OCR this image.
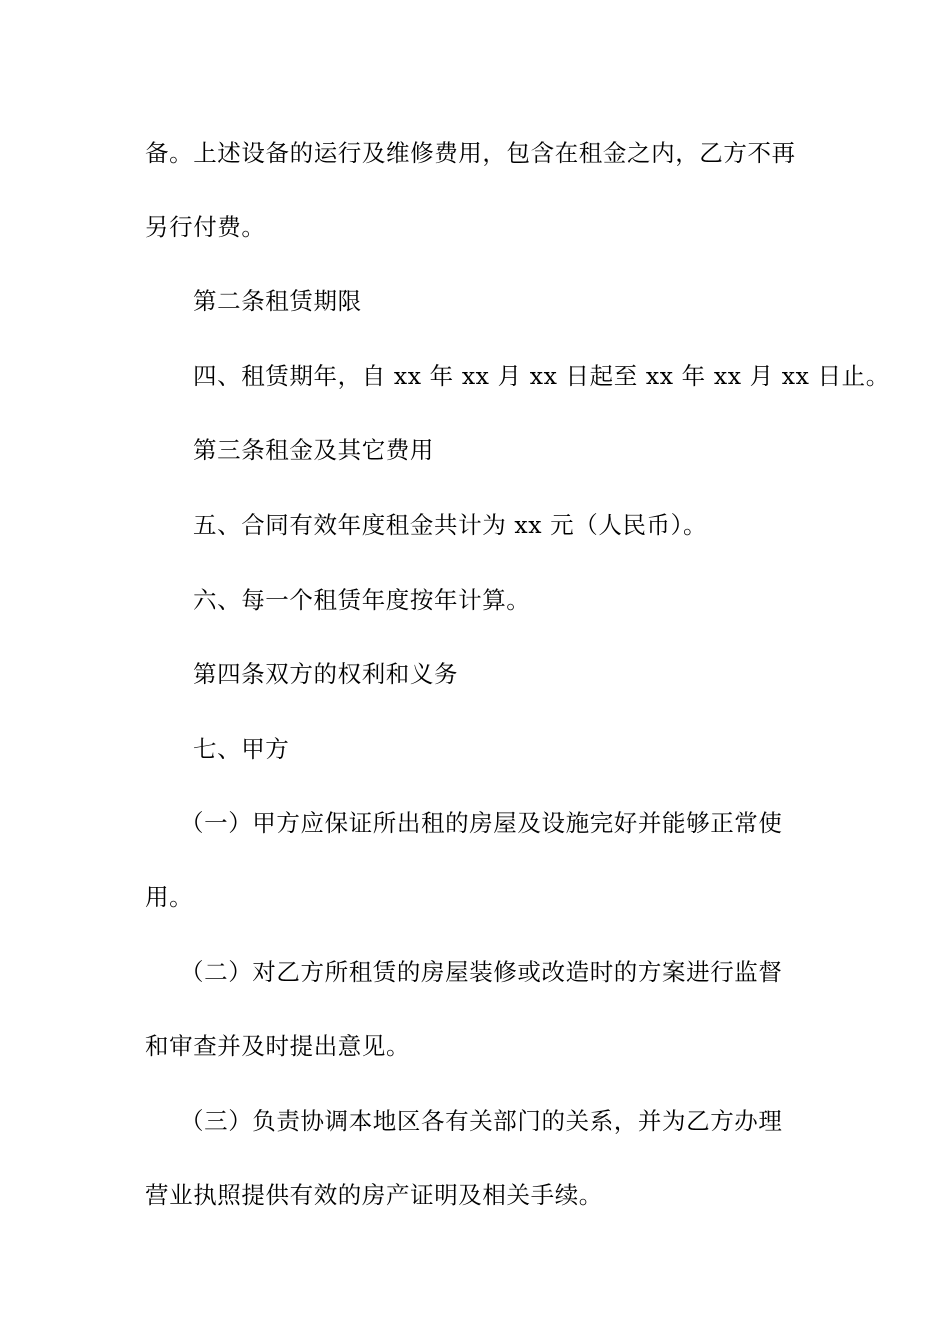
备。上述设备的运行及维修费用，包含在租金之内，乙方不再
另行付费。
第二条租赁期限
四、租赁期年，自 xx 年 xx 月 xx 日起至 xx 年 xx 月 xx 日止。
第三条租金及其它费用
五、合同有效年度租金共计为 xx 元（人民币）。
六、每一个租赁年度按年计算。
第四条双方的权利和义务
七、甲方
（一）甲方应保证所出租的房屋及设施完好并能够正常使
用。
（二）对乙方所租赁的房屋装修或改造时的方案进行监督
和审查并及时提出意见。
（三）负责协调本地区各有关部门的关系，并为乙方办理
营业执照提供有效的房产证明及相关手续。
